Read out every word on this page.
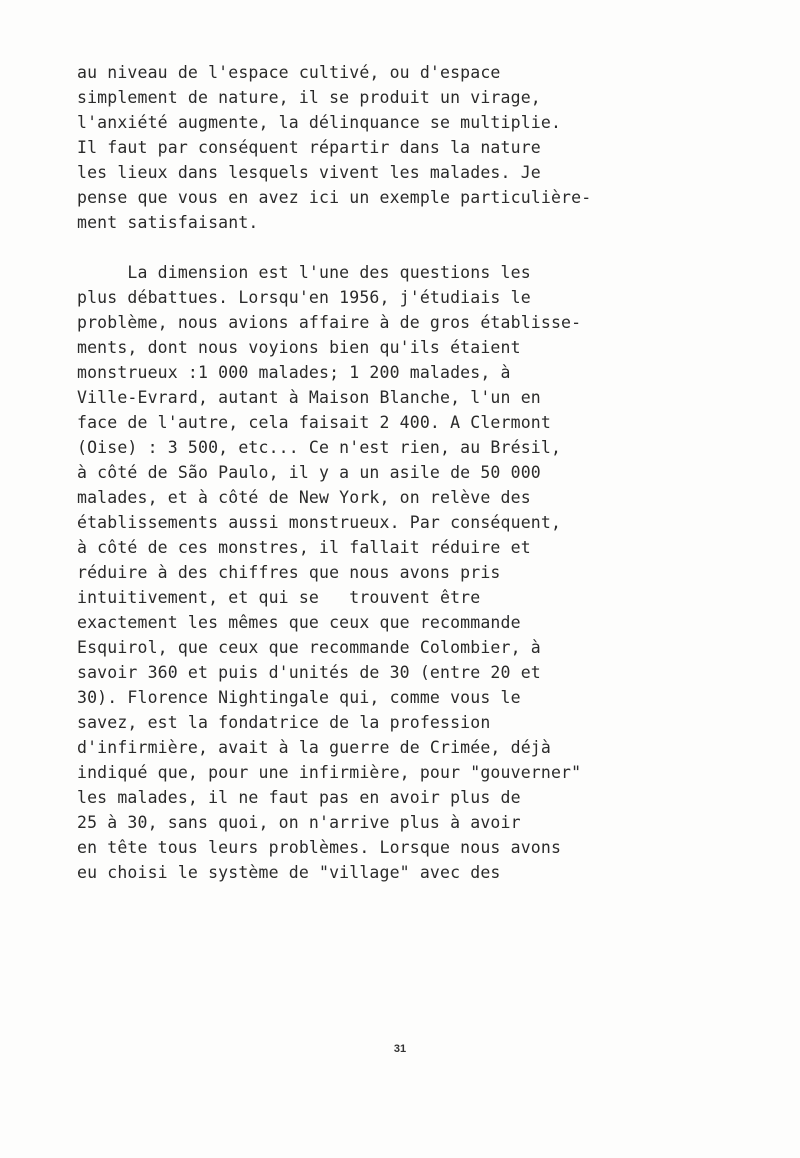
au niveau de l'espace cultivé, ou d'espace
simplement de nature, il se produit un virage,
l'anxiété augmente, la délinquance se multiplie.
Il faut par conséquent répartir dans la nature
les lieux dans lesquels vivent les malades. Je
pense que vous en avez ici un exemple particulière-
ment satisfaisant.
La dimension est l'une des questions les
plus débattues. Lorsqu'en 1956, j'étudiais le
problème, nous avions affaire à de gros établisse-
ments, dont nous voyions bien qu'ils étaient
monstrueux :1 000 malades; 1 200 malades, à
Ville-Evrard, autant à Maison Blanche, l'un en
face de l'autre, cela faisait 2 400. A Clermont
(Oise) : 3 500, etc... Ce n'est rien, au Brésil,
à côté de São Paulo, il y a un asile de 50 000
malades, et à côté de New York, on relève des
établissements aussi monstrueux. Par conséquent,
à côté de ces monstres, il fallait réduire et
réduire à des chiffres que nous avons pris
intuitivement, et qui se   trouvent être
exactement les mêmes que ceux que recommande
Esquirol, que ceux que recommande Colombier, à
savoir 360 et puis d'unités de 30 (entre 20 et
30). Florence Nightingale qui, comme vous le
savez, est la fondatrice de la profession
d'infirmière, avait à la guerre de Crimée, déjà
indiqué que, pour une infirmière, pour "gouverner"
les malades, il ne faut pas en avoir plus de
25 à 30, sans quoi, on n'arrive plus à avoir
en tête tous leurs problèmes. Lorsque nous avons
eu choisi le système de "village" avec des
31
